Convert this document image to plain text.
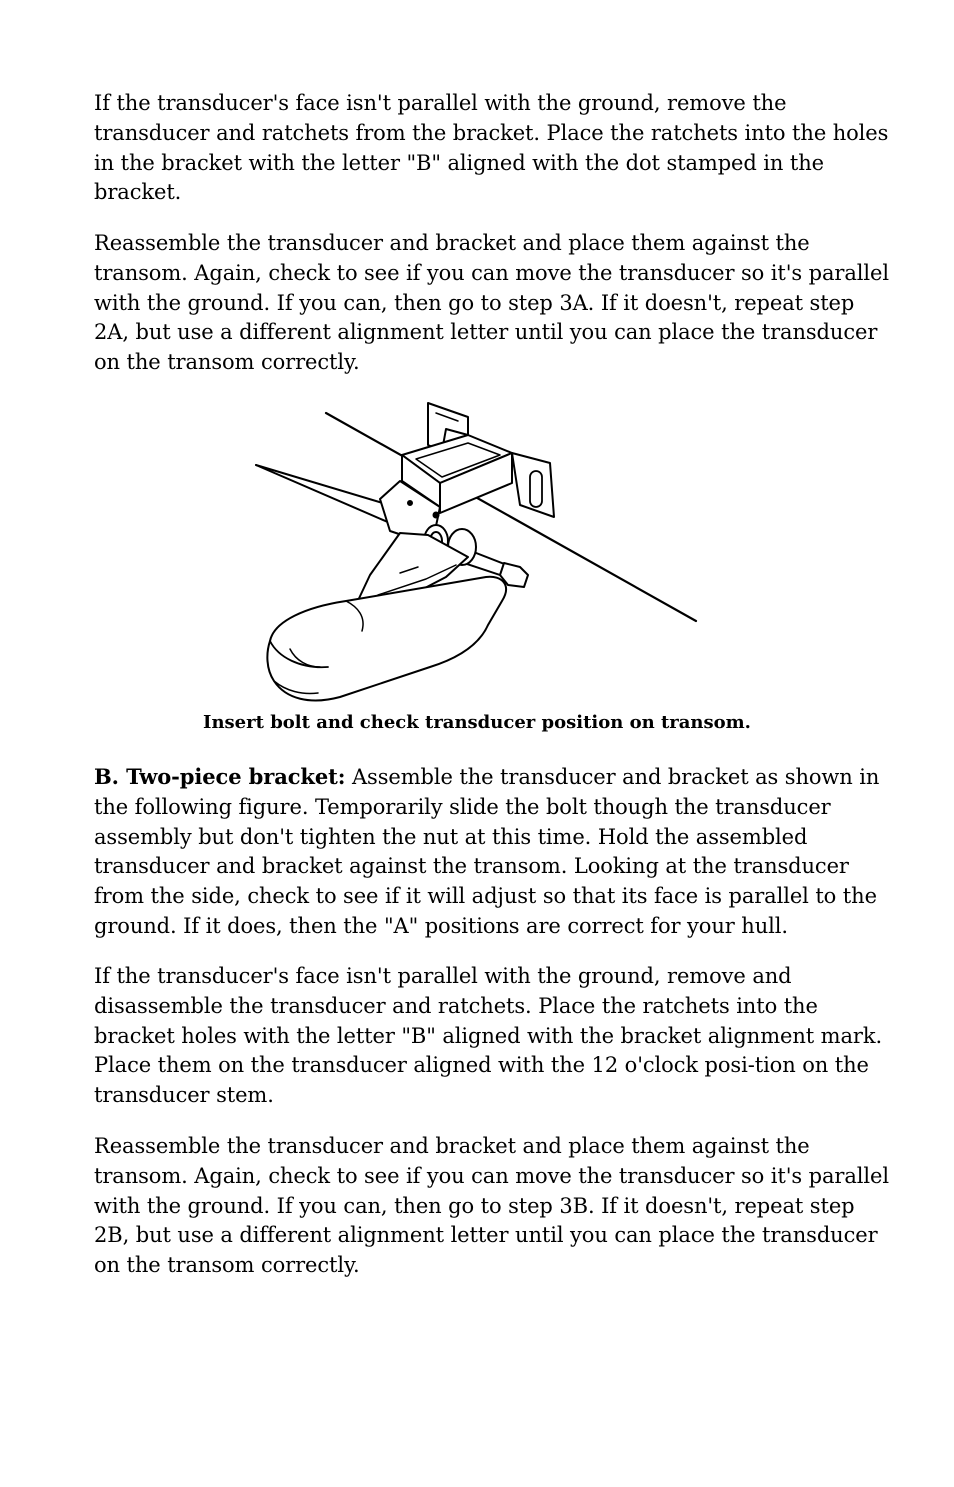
If the transducer's face isn't parallel with the ground, remove the transducer and ratchets from the bracket. Place the ratchets into the holes in the bracket with the letter "B" aligned with the dot stamped in the bracket.

Reassemble the transducer and bracket and place them against the transom. Again, check to see if you can move the transducer so it's parallel with the ground. If you can, then go to step 3A. If it doesn't, repeat step 2A, but use a different alignment letter until you can place the transducer on the transom correctly.

Insert bolt and check transducer position on transom.

B. Two-piece bracket: Assemble the transducer and bracket as shown in the following figure. Temporarily slide the bolt though the transducer assembly but don't tighten the nut at this time. Hold the assembled transducer and bracket against the transom. Looking at the transducer from the side, check to see if it will adjust so that its face is parallel to the ground. If it does, then the "A" positions are correct for your hull.

If the transducer's face isn't parallel with the ground, remove and disassemble the transducer and ratchets. Place the ratchets into the bracket holes with the letter "B" aligned with the bracket alignment mark. Place them on the transducer aligned with the 12 o'clock posi-tion on the transducer stem.

Reassemble the transducer and bracket and place them against the transom. Again, check to see if you can move the transducer so it's parallel with the ground. If you can, then go to step 3B. If it doesn't, repeat step 2B, but use a different alignment letter until you can place the transducer on the transom correctly.
